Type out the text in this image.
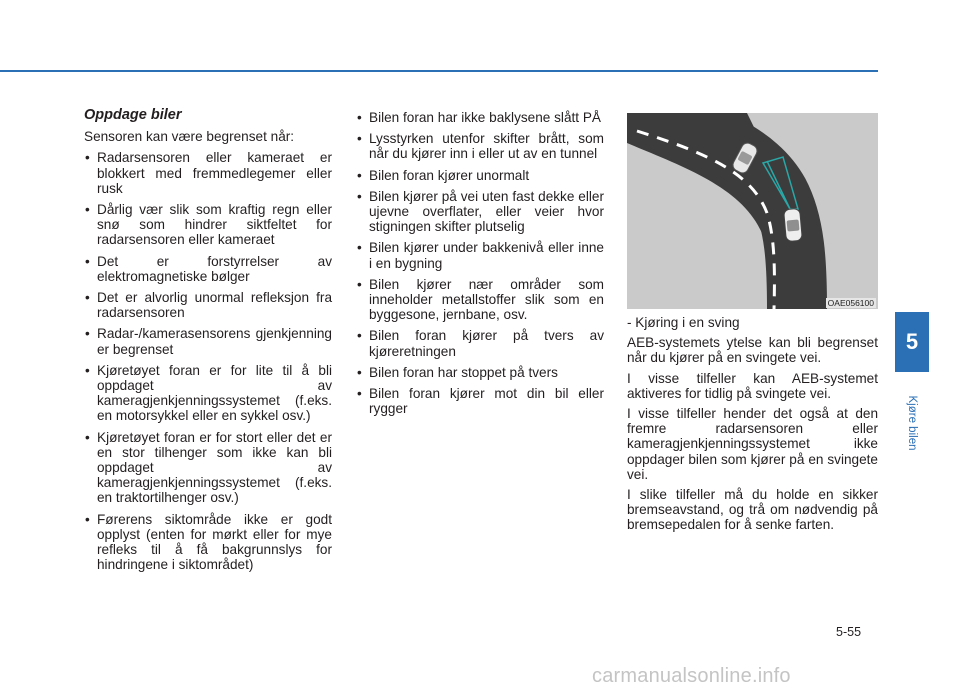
Oppdage biler
Sensoren kan være begrenset når:
• Radarsensoren eller kameraet er blokkert med fremmedlegemer eller rusk
• Dårlig vær slik som kraftig regn eller snø som hindrer siktfeltet for radarsensoren eller kameraet
• Det er forstyrrelser av elektromagnetiske bølger
• Det er alvorlig unormal refleksjon fra radarsensoren
• Radar-/kamerasensorens gjenkjenning er begrenset
• Kjøretøyet foran er for lite til å bli oppdaget av kameragjenkjenningssystemet (f.eks. en motorsykkel eller en sykkel osv.)
• Kjøretøyet foran er for stort eller det er en stor tilhenger som ikke kan bli oppdaget av kameragjenkjenningssystemet (f.eks. en traktortilhenger osv.)
• Førerens siktområde ikke er godt opplyst (enten for mørkt eller for mye refleks til å få bakgrunnslys for hindringene i siktområdet)
• Bilen foran har ikke baklysene slått PÅ
• Lysstyrken utenfor skifter brått, som når du kjører inn i eller ut av en tunnel
• Bilen foran kjører unormalt
• Bilen kjører på vei uten fast dekke eller ujevne overflater, eller veier hvor stigningen skifter plutselig
• Bilen kjører under bakkenivå eller inne i en bygning
• Bilen kjører nær områder som inneholder metallstoffer slik som en byggesone, jernbane, osv.
• Bilen foran kjører på tvers av kjøreretningen
• Bilen foran har stoppet på tvers
• Bilen foran kjører mot din bil eller rygger
OAE056100
- Kjøring i en sving
AEB-systemets ytelse kan bli begrenset når du kjører på en svingete vei.
I visse tilfeller kan AEB-systemet aktiveres for tidlig på svingete vei.
I visse tilfeller hender det også at den fremre radarsensoren eller kameragjenkjenningssystemet ikke oppdager bilen som kjører på en svingete vei.
I slike tilfeller må du holde en sikker bremseavstand, og trå om nødvendig på bremsepedalen for å senke farten.
5
Kjøre bilen
5-55
carmanualsonline.info
